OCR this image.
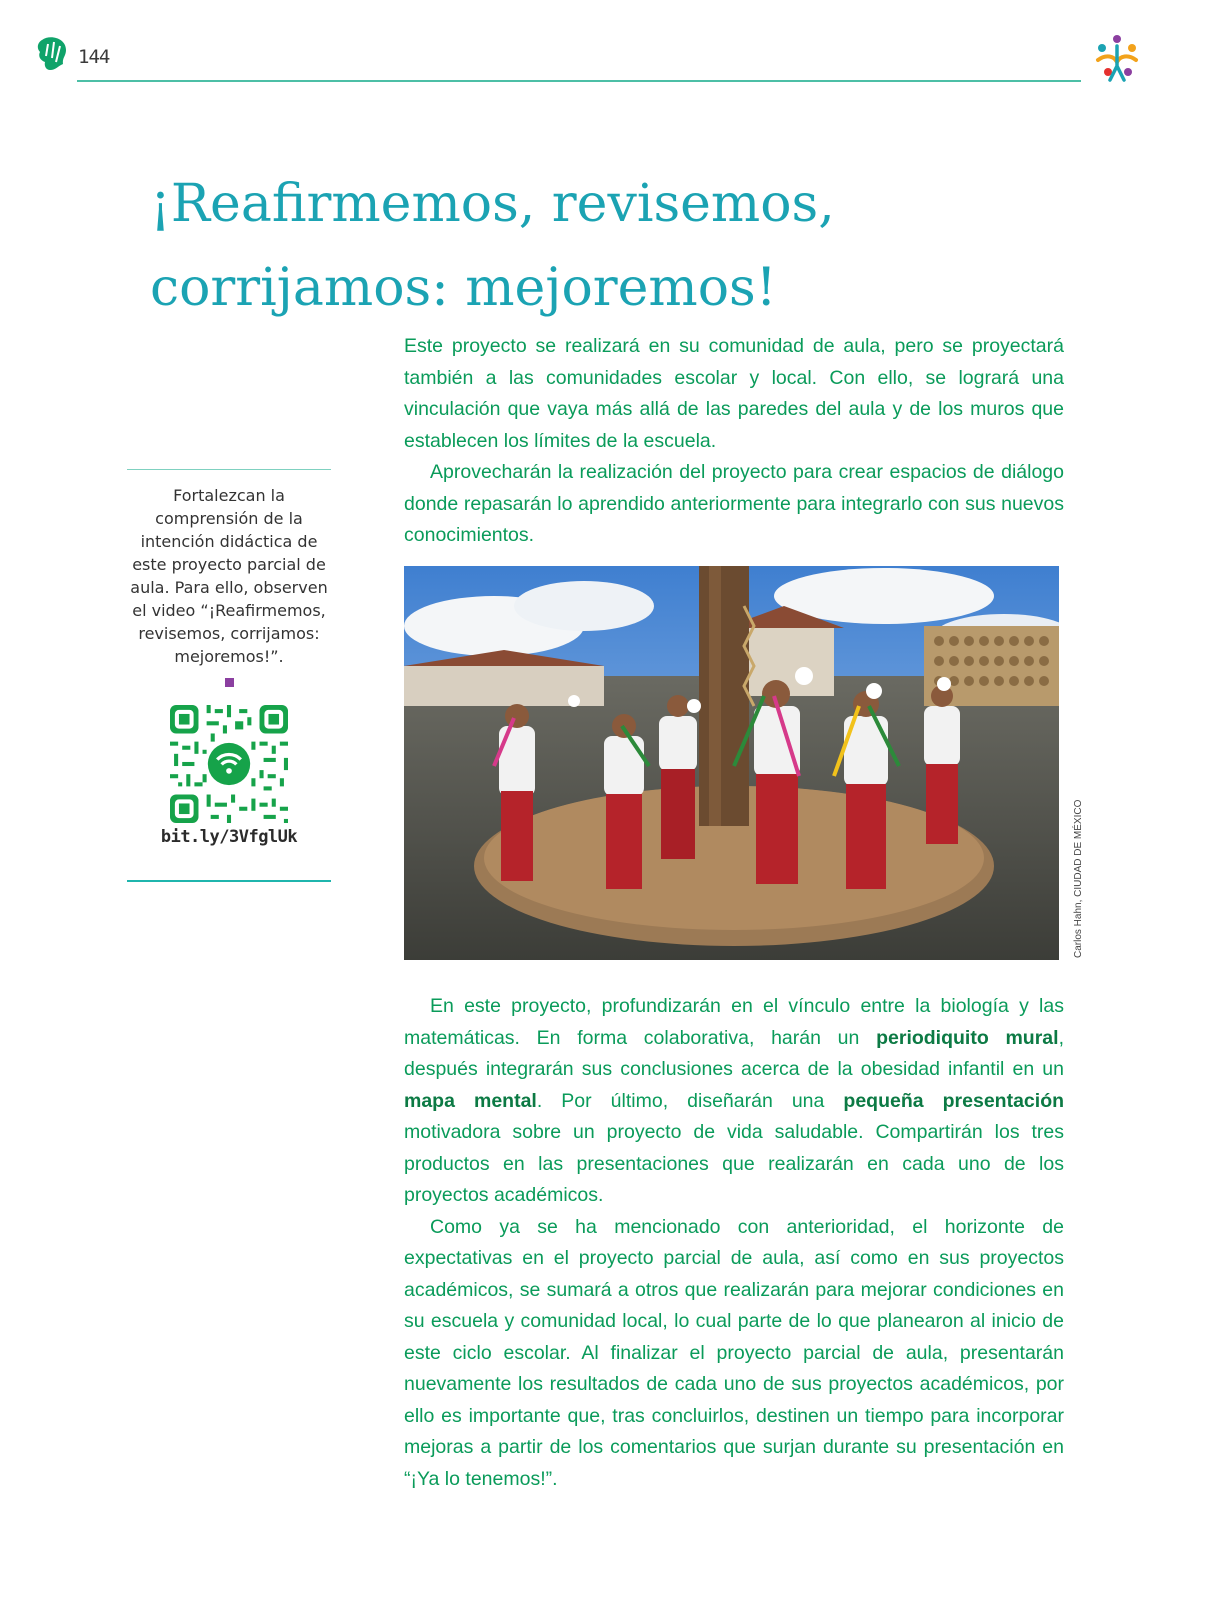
144
¡Reafirmemos, revisemos,
corrijamos: mejoremos!

Este proyecto se realizará en su comunidad de aula, pero se proyectará también a las comunidades escolar y local. Con ello, se logrará una vinculación que vaya más allá de las paredes del aula y de los muros que establecen los límites de la escuela.

Aprovecharán la realización del proyecto para crear espacios de diálogo donde repasarán lo aprendido anteriormente para integrarlo con sus nuevos conocimientos.

Fortalezcan la comprensión de la intención didáctica de este proyecto parcial de aula. Para ello, observen el video “¡Reafirmemos, revisemos, corrijamos: mejoremos!”.

bit.ly/3VfglUk	Carlos Hahn, CIUDAD DE MÉXICO

En este proyecto, profundizarán en el vínculo entre la biología y las matemáticas. En forma colaborativa, harán un periodiquito mural, después integrarán sus conclusiones acerca de la obesidad infantil en un mapa mental. Por último, diseñarán una pequeña presentación motivadora sobre un proyecto de vida saludable. Compartirán los tres productos en las presentaciones que realizarán en cada uno de los proyectos académicos.

Como ya se ha mencionado con anterioridad, el horizonte de expectativas en el proyecto parcial de aula, así como en sus proyectos académicos, se sumará a otros que realizarán para mejorar condiciones en su escuela y comunidad local, lo cual parte de lo que planearon al inicio de este ciclo escolar. Al finalizar el proyecto parcial de aula, presentarán nuevamente los resultados de cada uno de sus proyectos académicos, por ello es importante que, tras concluirlos, destinen un tiempo para incorporar mejoras a partir de los comentarios que surjan durante su presentación en “¡Ya lo tenemos!”.
